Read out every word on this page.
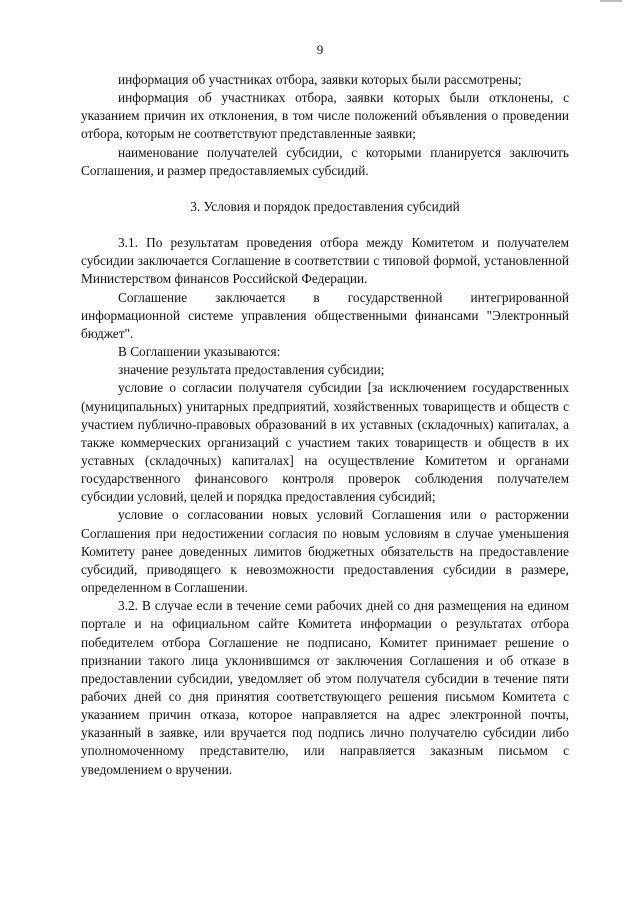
9

информация об участниках отбора, заявки которых были рассмотрены;

информация об участниках отбора, заявки которых были отклонены, с указанием причин их отклонения, в том числе положений объявления о проведении отбора, которым не соответствуют представленные заявки;

наименование получателей субсидии, с которыми планируется заключить Соглашения, и размер предоставляемых субсидий.

3. Условия и порядок предоставления субсидий

3.1. По результатам проведения отбора между Комитетом и получателем субсидии заключается Соглашение в соответствии с типовой формой, установленной Министерством финансов Российской Федерации.

Соглашение заключается в государственной интегрированной информационной системе управления общественными финансами "Электронный бюджет".

В Соглашении указываются:

значение результата предоставления субсидии;

условие о согласии получателя субсидии [за исключением государственных (муниципальных) унитарных предприятий, хозяйственных товариществ и обществ с участием публично-правовых образований в их уставных (складочных) капиталах, а также коммерческих организаций с участием таких товариществ и обществ в их уставных (складочных) капиталах] на осуществление Комитетом и органами государственного финансового контроля проверок соблюдения получателем субсидии условий, целей и порядка предоставления субсидий;

условие о согласовании новых условий Соглашения или о расторжении Соглашения при недостижении согласия по новым условиям в случае уменьшения Комитету ранее доведенных лимитов бюджетных обязательств на предоставление субсидий, приводящего к невозможности предоставления субсидии в размере, определенном в Соглашении.

3.2. В случае если в течение семи рабочих дней со дня размещения на едином портале и на официальном сайте Комитета информации о результатах отбора победителем отбора Соглашение не подписано, Комитет принимает решение о признании такого лица уклонившимся от заключения Соглашения и об отказе в предоставлении субсидии, уведомляет об этом получателя субсидии в течение пяти рабочих дней со дня принятия соответствующего решения письмом Комитета с указанием причин отказа, которое направляется на адрес электронной почты, указанный в заявке, или вручается под подпись лично получателю субсидии либо уполномоченному представителю, или направляется заказным письмом с уведомлением о вручении.
